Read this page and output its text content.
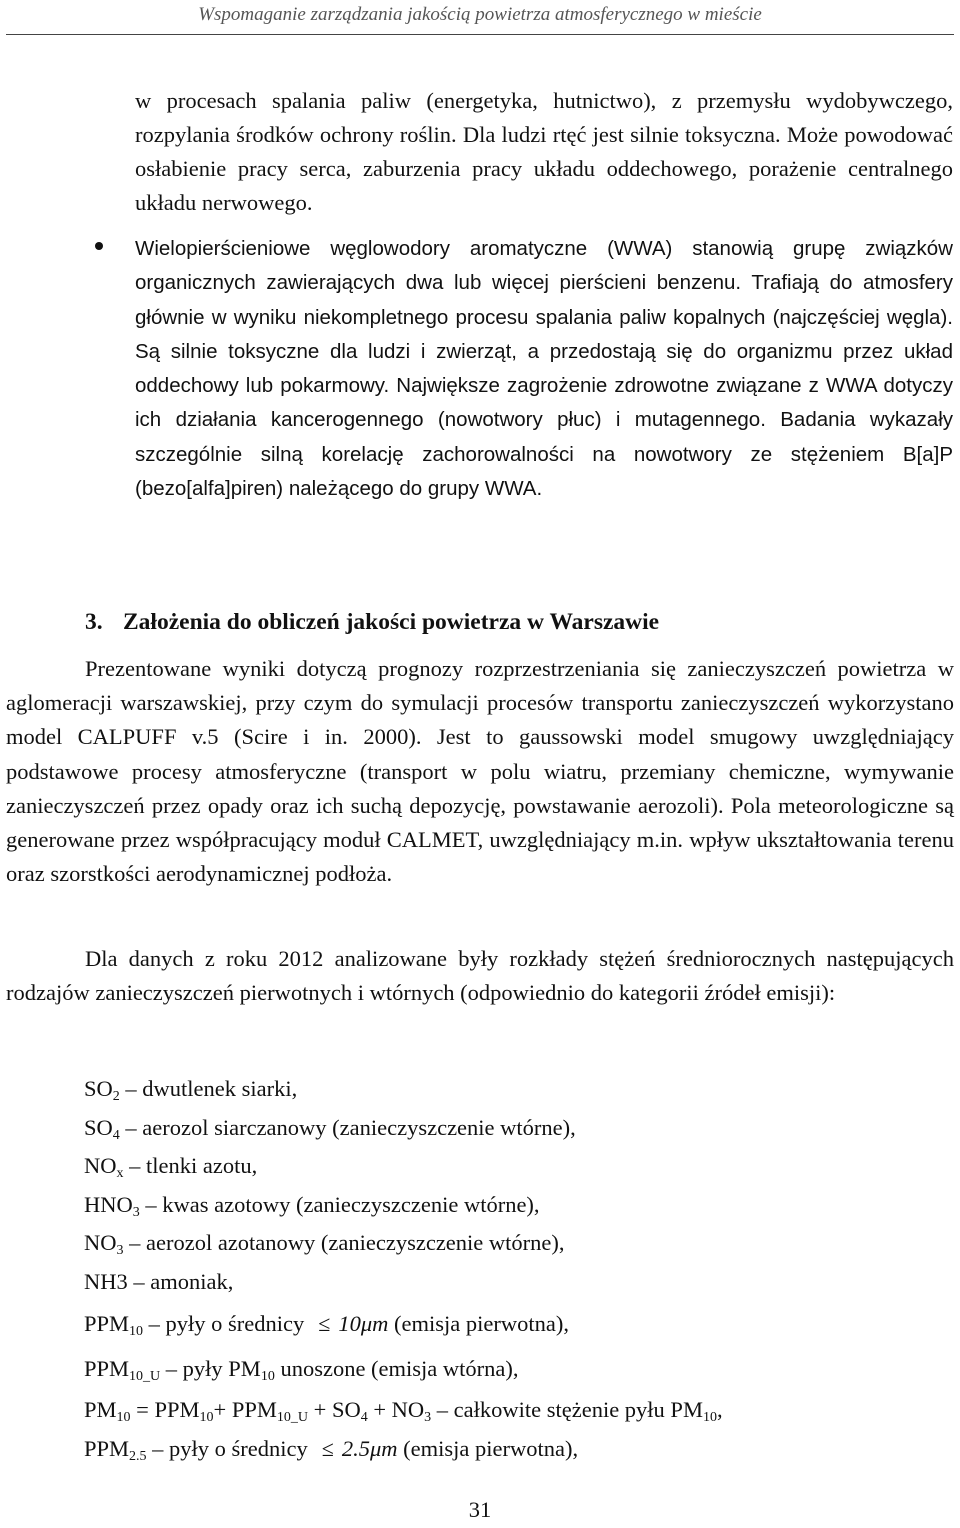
Wspomaganie zarządzania jakością powietrza atmosferycznego w mieście

w procesach spalania paliw (energetyka, hutnictwo), z przemysłu wydobywczego, rozpylania środków ochrony roślin. Dla ludzi rtęć jest silnie toksyczna. Może powodować osłabienie pracy serca, zaburzenia pracy układu oddechowego, porażenie centralnego układu nerwowego.

Wielopierścieniowe węglowodory aromatyczne (WWA) stanowią grupę związków organicznych zawierających dwa lub więcej pierścieni benzenu. Trafiają do atmosfery głównie w wyniku niekompletnego procesu spalania paliw kopalnych (najczęściej węgla). Są silnie toksyczne dla ludzi i zwierząt, a przedostają się do organizmu przez układ oddechowy lub pokarmowy. Największe zagrożenie zdrowotne związane z WWA dotyczy ich działania kancerogennego (nowotwory płuc) i mutagennego. Badania wykazały szczególnie silną korelację zachorowalności na nowotwory ze stężeniem B[a]P (bezo[alfa]piren) należącego do grupy WWA.

3. Założenia do obliczeń jakości powietrza w Warszawie

Prezentowane wyniki dotyczą prognozy rozprzestrzeniania się zanieczyszczeń powietrza w aglomeracji warszawskiej, przy czym do symulacji procesów transportu zanieczyszczeń wykorzystano model CALPUFF v.5 (Scire i in. 2000). Jest to gaussowski model smugowy uwzględniający podstawowe procesy atmosferyczne (transport w polu wiatru, przemiany chemiczne, wymywanie zanieczyszczeń przez opady oraz ich suchą depozycję, powstawanie aerozoli). Pola meteorologiczne są generowane przez współpracujący moduł CALMET, uwzględniający m.in. wpływ ukształtowania terenu oraz szorstkości aerodynamicznej podłoża.

Dla danych z roku 2012 analizowane były rozkłady stężeń średniorocznych następujących rodzajów zanieczyszczeń pierwotnych i wtórnych (odpowiednio do kategorii źródeł emisji):

$SO_2$ – dwutlenek siarki,
$SO_4$ – aerozol siarczanowy (zanieczyszczenie wtórne),
$NO_x$ – tlenki azotu,
$HNO_3$ – kwas azotowy (zanieczyszczenie wtórne),
$NO_3$ – aerozol azotanowy (zanieczyszczenie wtórne),
NH3 – amoniak,
$PPM_{10}$ – pyły o średnicy ≤ 10μm (emisja pierwotna),
$PPM_{10\_U}$ – pyły $PM_{10}$ unoszone (emisja wtórna),
$PM_{10} = PPM_{10}+ PPM_{10\_U} + SO_4 + NO_3$ – całkowite stężenie pyłu $PM_{10}$,
$PPM_{2.5}$ – pyły o średnicy ≤ 2.5μm (emisja pierwotna),
31
